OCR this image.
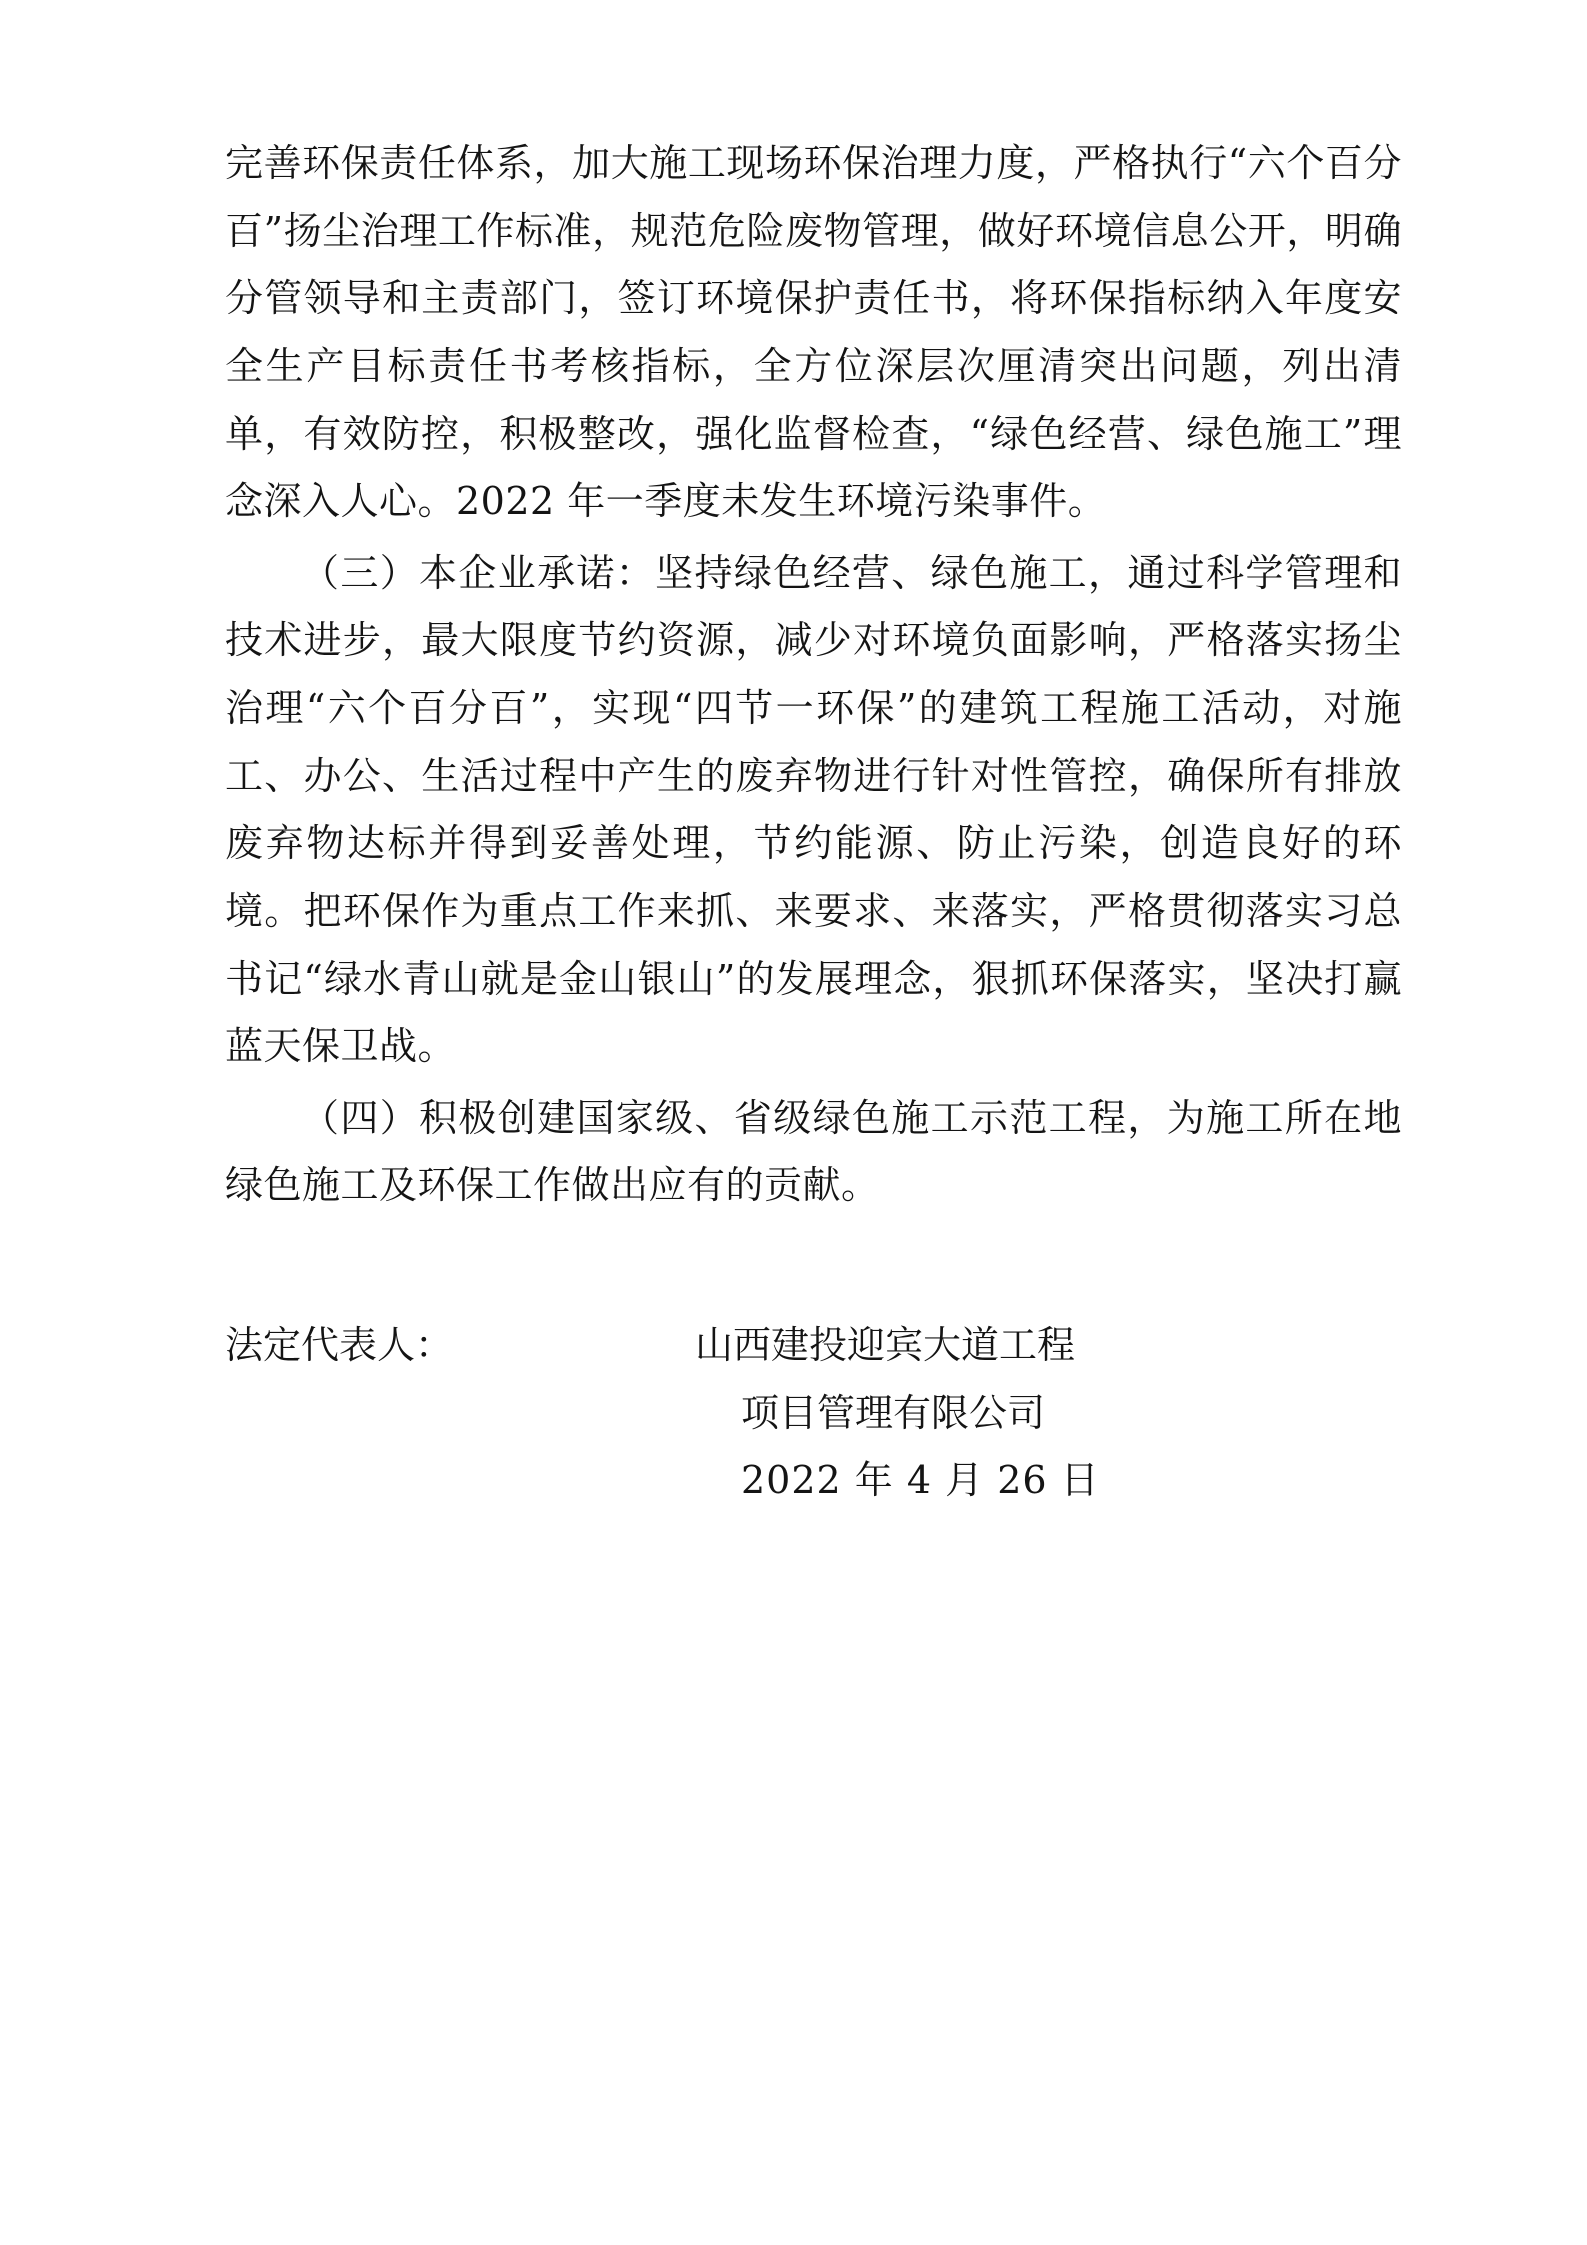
完善环保责任体系，加大施工现场环保治理力度，严格执行“六个百分百”扬尘治理工作标准，规范危险废物管理，做好环境信息公开，明确分管领导和主责部门，签订环境保护责任书，将环保指标纳入年度安全生产目标责任书考核指标，全方位深层次厘清突出问题，列出清单，有效防控，积极整改，强化监督检查，“绿色经营、绿色施工”理念深入人心。2022 年一季度未发生环境污染事件。

（三）本企业承诺：坚持绿色经营、绿色施工，通过科学管理和技术进步，最大限度节约资源，减少对环境负面影响，严格落实扬尘治理“六个百分百”，实现“四节一环保”的建筑工程施工活动，对施工、办公、生活过程中产生的废弃物进行针对性管控，确保所有排放废弃物达标并得到妥善处理，节约能源、防止污染，创造良好的环境。把环保作为重点工作来抓、来要求、来落实，严格贯彻落实习总书记“绿水青山就是金山银山”的发展理念，狠抓环保落实，坚决打赢蓝天保卫战。

（四）积极创建国家级、省级绿色施工示范工程，为施工所在地绿色施工及环保工作做出应有的贡献。

法定代表人：	山西建投迎宾大道工程
项目管理有限公司
2022 年 4 月 26 日
